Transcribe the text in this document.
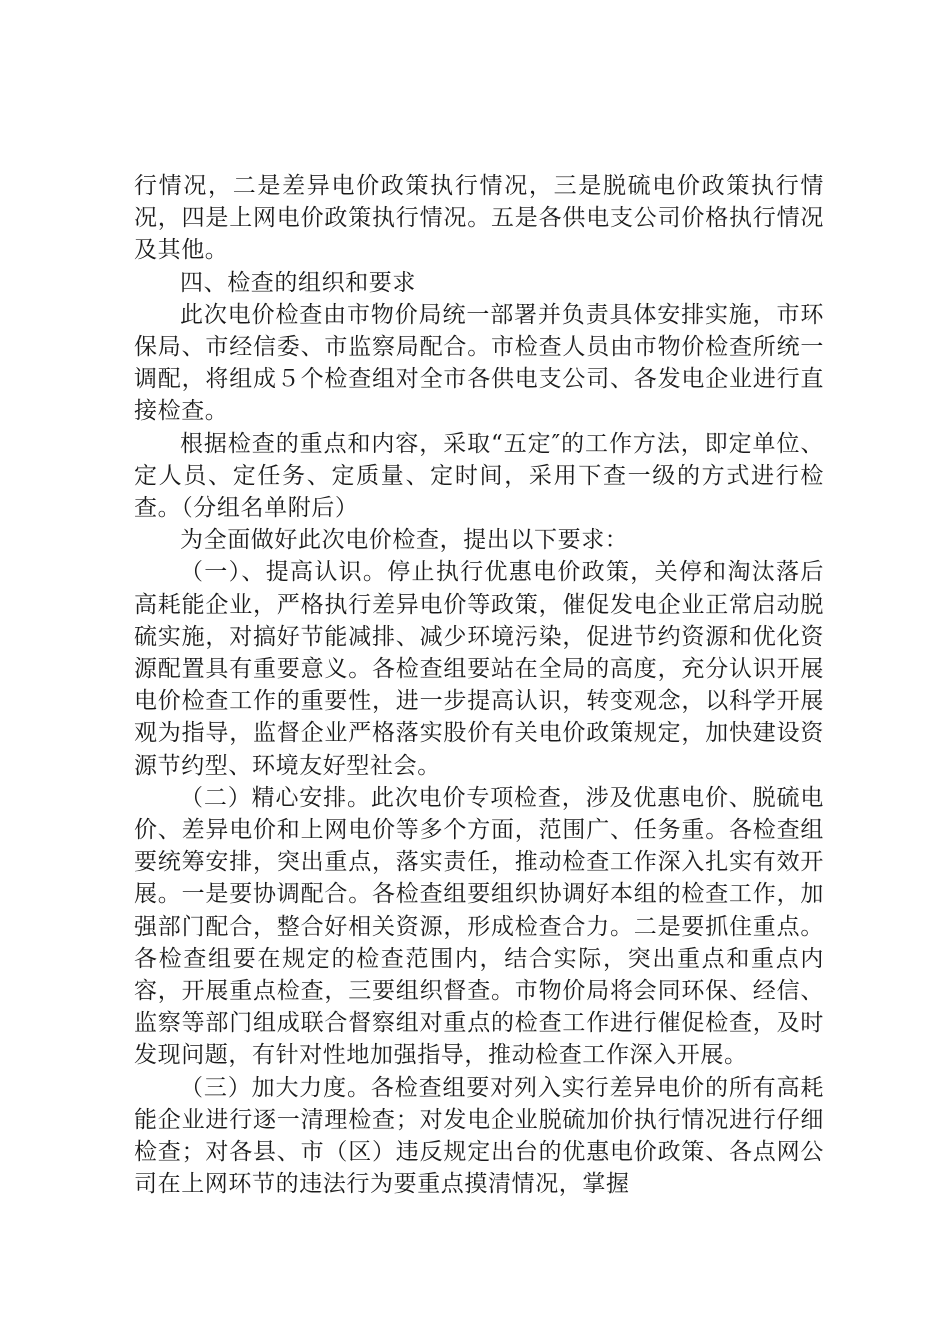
行情况，二是差异电价政策执行情况，三是脱硫电价政策执行情况，四是上网电价政策执行情况。五是各供电支公司价格执行情况及其他。

四、检查的组织和要求

此次电价检查由市物价局统一部署并负责具体安排实施，市环保局、市经信委、市监察局配合。市检查人员由市物价检查所统一调配，将组成５个检查组对全市各供电支公司、各发电企业进行直接检查。

根据检查的重点和内容，采取“五定″的工作方法，即定单位、定人员、定任务、定质量、定时间，采用下查一级的方式进行检查。（分组名单附后）

为全面做好此次电价检查，提出以下要求：

（一）、提高认识。停止执行优惠电价政策，关停和淘汰落后高耗能企业，严格执行差异电价等政策，催促发电企业正常启动脱硫实施，对搞好节能减排、减少环境污染，促进节约资源和优化资源配置具有重要意义。各检查组要站在全局的高度，充分认识开展电价检查工作的重要性，进一步提高认识，转变观念，以科学开展观为指导，监督企业严格落实股价有关电价政策规定，加快建设资源节约型、环境友好型社会。

（二）精心安排。此次电价专项检查，涉及优惠电价、脱硫电价、差异电价和上网电价等多个方面，范围广、任务重。各检查组要统筹安排，突出重点，落实责任，推动检查工作深入扎实有效开展。一是要协调配合。各检查组要组织协调好本组的检查工作，加强部门配合，整合好相关资源，形成检查合力。二是要抓住重点。各检查组要在规定的检查范围内，结合实际，突出重点和重点内容，开展重点检查，三要组织督查。市物价局将会同环保、经信、监察等部门组成联合督察组对重点的检查工作进行催促检查，及时发现问题，有针对性地加强指导，推动检查工作深入开展。

（三）加大力度。各检查组要对列入实行差异电价的所有高耗能企业进行逐一清理检查；对发电企业脱硫加价执行情况进行仔细检查；对各县、市（区）违反规定出台的优惠电价政策、各点网公司在上网环节的违法行为要重点摸清情况，掌握
